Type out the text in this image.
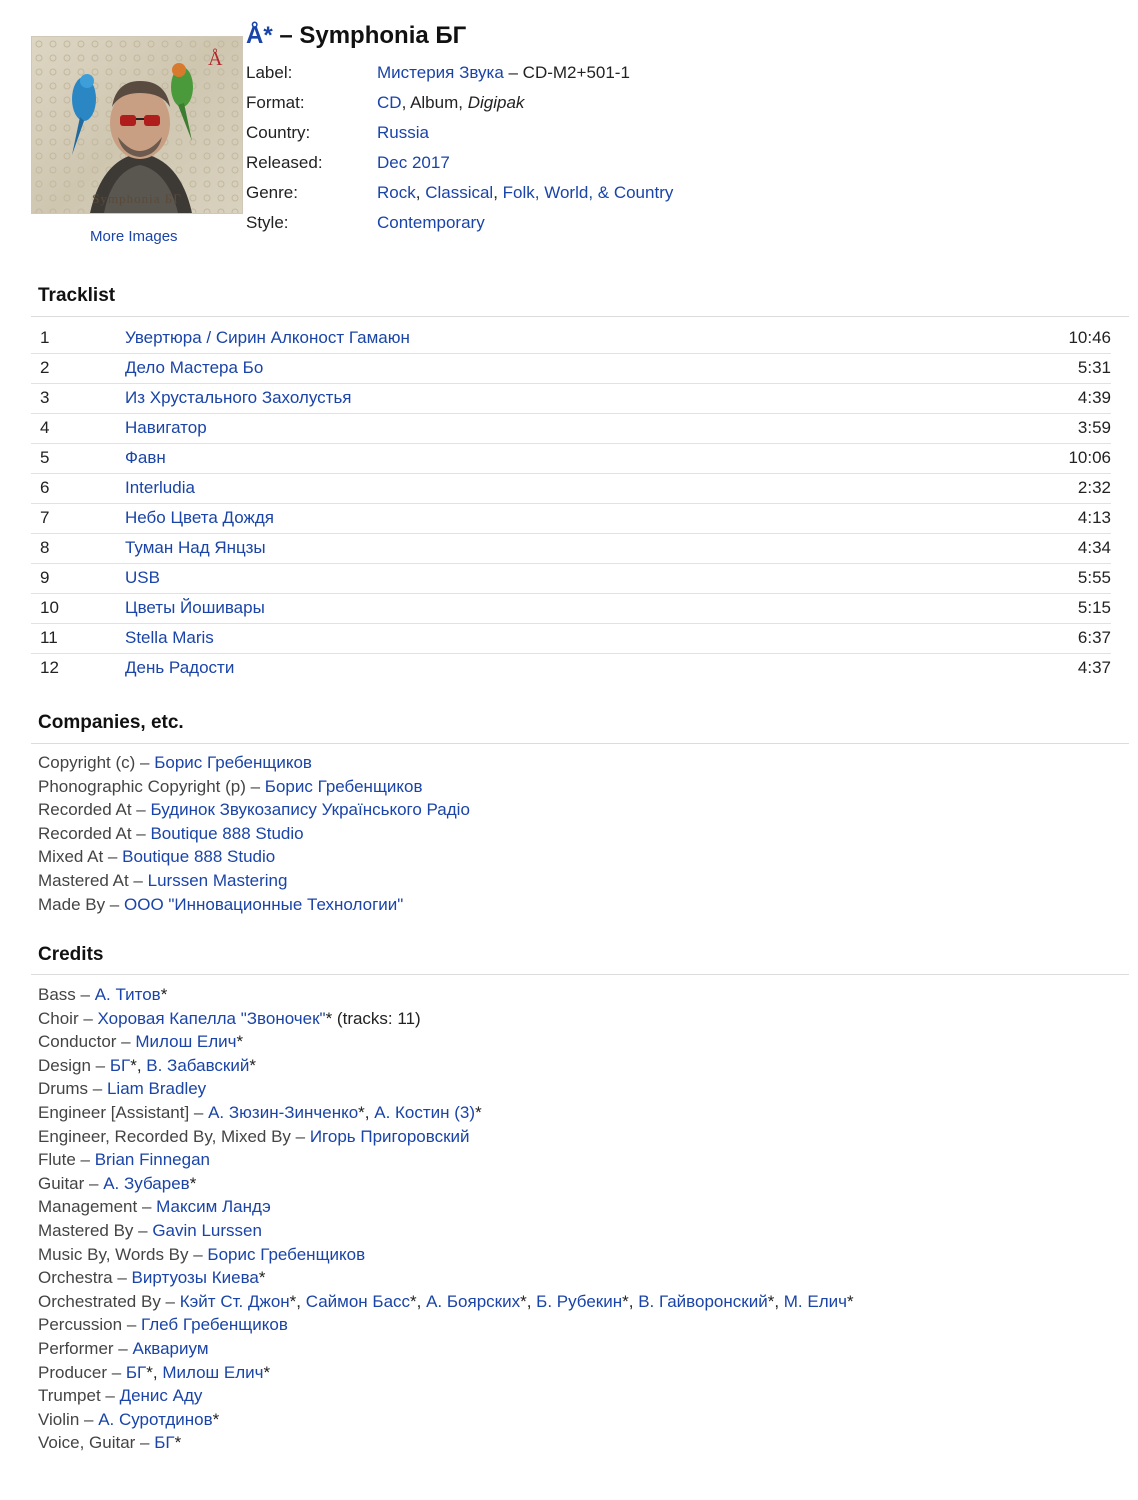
Å
Symphonia БГ
More Images
Å* – Symphonia БГ
Label:	Мистерия Звука – CD-M2+501-1
Format:	CD, Album, Digipak
Country:	Russia
Released:	Dec 2017
Genre:	Rock, Classical, Folk, World, & Country
Style:	Contemporary
Tracklist
1	Увертюра / Сирин Алконост Гамаюн	10:46
2	Дело Мастера Бо	5:31
3	Из Хрустального Захолустья	4:39
4	Навигатор	3:59
5	Фавн	10:06
6	Interludia	2:32
7	Небо Цвета Дождя	4:13
8	Туман Над Янцзы	4:34
9	USB	5:55
10	Цветы Йошивары	5:15
11	Stella Maris	6:37
12	День Радости	4:37
Companies, etc.
Copyright (c) – Борис Гребенщиков
Phonographic Copyright (p) – Борис Гребенщиков
Recorded At – Будинок Звукозапису Українського Радіо
Recorded At – Boutique 888 Studio
Mixed At – Boutique 888 Studio
Mastered At – Lurssen Mastering
Made By – ООО "Инновационные Технологии"
Credits
Bass – А. Титов*
Choir – Хоровая Капелла "Звоночек"* (tracks: 11)
Conductor – Милош Елич*
Design – БГ*, В. Забавский*
Drums – Liam Bradley
Engineer [Assistant] – А. Зюзин-Зинченко*, А. Костин (3)*
Engineer, Recorded By, Mixed By – Игорь Пригоровский
Flute – Brian Finnegan
Guitar – А. Зубарев*
Management – Максим Ландэ
Mastered By – Gavin Lurssen
Music By, Words By – Борис Гребенщиков
Orchestra – Виртуозы Киева*
Orchestrated By – Кэйт Ст. Джон*, Саймон Басс*, А. Боярских*, Б. Рубекин*, В. Гайворонский*, М. Елич*
Percussion – Глеб Гребенщиков
Performer – Аквариум
Producer – БГ*, Милош Елич*
Trumpet – Денис Аду
Violin – А. Суротдинов*
Voice, Guitar – БГ*
